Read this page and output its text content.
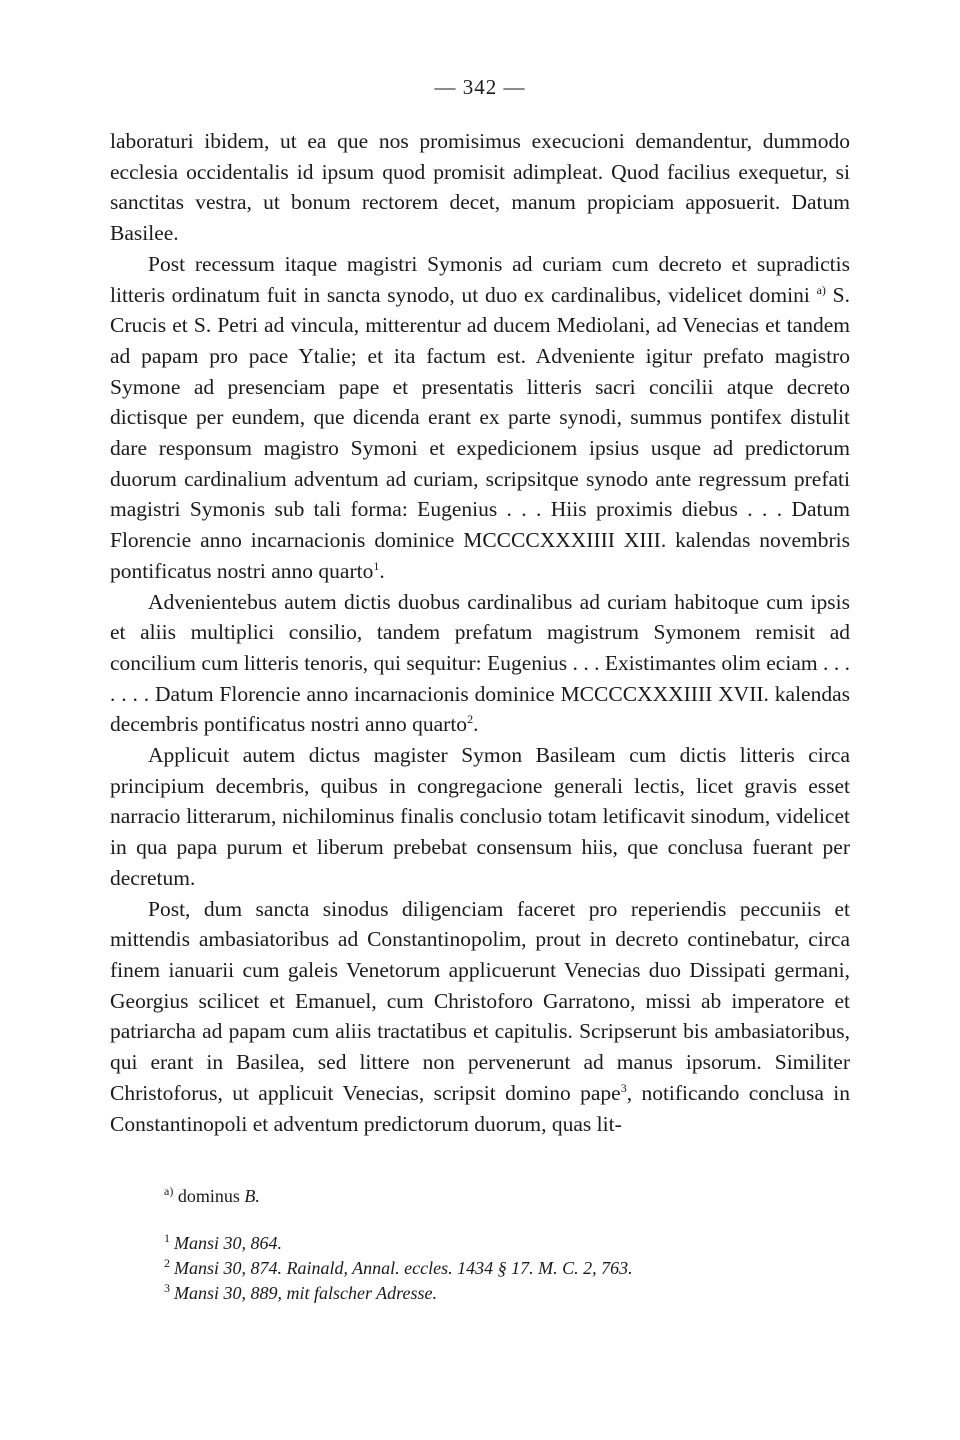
— 342 —

laboraturi ibidem, ut ea que nos promisimus execucioni demandentur, dummodo ecclesia occidentalis id ipsum quod promisit adimpleat. Quod facilius exequetur, si sanctitas vestra, ut bonum rectorem decet, manum propiciam apposuerit. Datum Basilee.

Post recessum itaque magistri Symonis ad curiam cum decreto et supradictis litteris ordinatum fuit in sancta synodo, ut duo ex cardinalibus, videlicet domini $^{a)}$ S. Crucis et S. Petri ad vincula, mitterentur ad ducem Mediolani, ad Venecias et tandem ad papam pro pace Ytalie; et ita factum est. Adveniente igitur prefato magistro Symone ad presenciam pape et presentatis litteris sacri concilii atque decreto dictisque per eundem, que dicenda erant ex parte synodi, summus pontifex distulit dare responsum magistro Symoni et expedicionem ipsius usque ad predictorum duorum cardinalium adventum ad curiam, scripsitque synodo ante regressum prefati magistri Symonis sub tali forma: Eugenius . . . Hiis proximis diebus . . . Datum Florencie anno incarnacionis dominice MCCCCXXXIIII XIII. kalendas novembris pontificatus nostri anno quarto$^1$.

Advenientebus autem dictis duobus cardinalibus ad curiam habitoque cum ipsis et aliis multiplici consilio, tandem prefatum magistrum Symonem remisit ad concilium cum litteris tenoris, qui sequitur: Eugenius . . . Existimantes olim eciam . . . . . . . Datum Florencie anno incarnacionis dominice MCCCCXXXIIII XVII. kalendas decembris pontificatus nostri anno quarto$^2$.

Applicuit autem dictus magister Symon Basileam cum dictis litteris circa principium decembris, quibus in congregacione generali lectis, licet gravis esset narracio litterarum, nichilominus finalis conclusio totam letificavit sinodum, videlicet in qua papa purum et liberum prebebat consensum hiis, que conclusa fuerant per decretum.

Post, dum sancta sinodus diligenciam faceret pro reperiendis peccuniis et mittendis ambasiatoribus ad Constantinopolim, prout in decreto continebatur, circa finem ianuarii cum galeis Venetorum applicuerunt Venecias duo Dissipati germani, Georgius scilicet et Emanuel, cum Christoforo Garratono, missi ab imperatore et patriarcha ad papam cum aliis tractatibus et capitulis. Scripserunt bis ambasiatoribus, qui erant in Basilea, sed littere non pervenerunt ad manus ipsorum. Similiter Christoforus, ut applicuit Venecias, scripsit domino pape$^3$, notificando conclusa in Constantinopoli et adventum predictorum duorum, quas lit-

$^{a)}$ dominus B.
$^1$ Mansi 30, 864.
$^2$ Mansi 30, 874. Rainald, Annal. eccles. 1434 § 17. M. C. 2, 763.
$^3$ Mansi 30, 889, mit falscher Adresse.
